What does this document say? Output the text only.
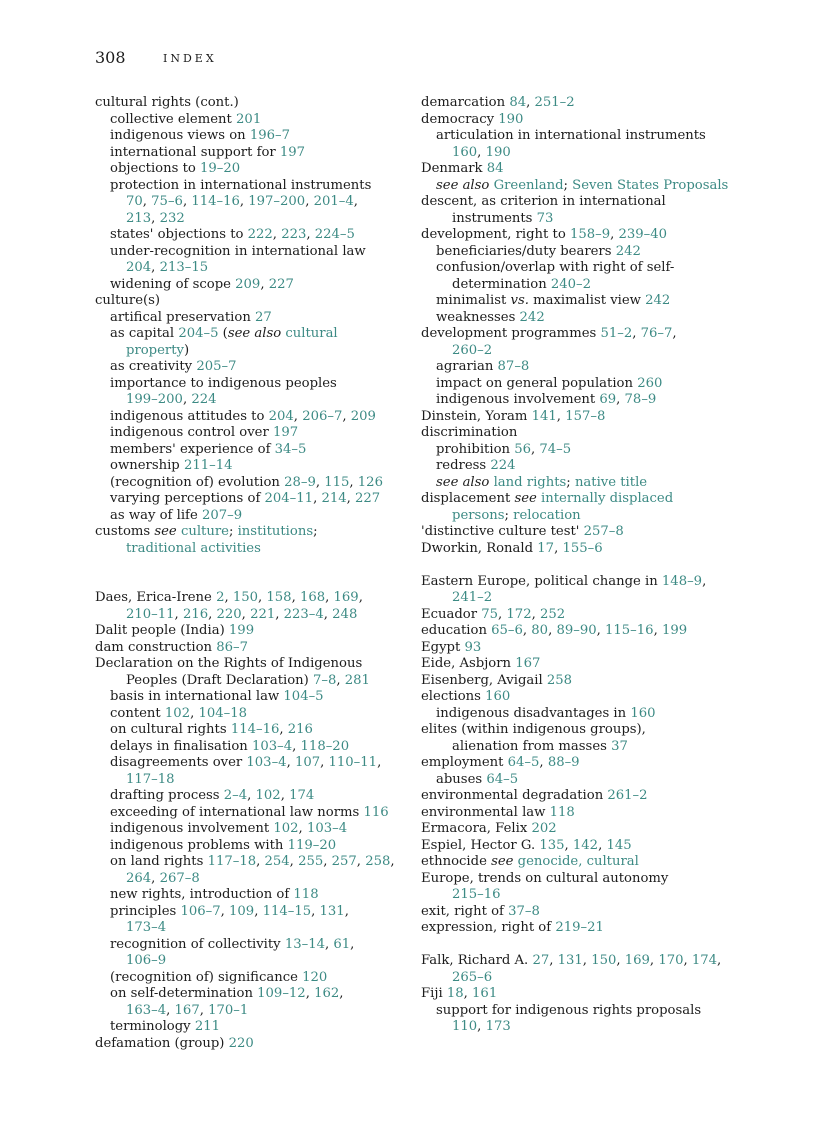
308	INDEX
cultural rights (cont.)
collective element 201
indigenous views on 196–7
international support for 197
objections to 19–20
protection in international instruments
70, 75–6, 114–16, 197–200, 201–4,
213, 232
states' objections to 222, 223, 224–5
under-recognition in international law
204, 213–15
widening of scope 209, 227
culture(s)
artifical preservation 27
as capital 204–5 (see also cultural
property)
as creativity 205–7
importance to indigenous peoples
199–200, 224
indigenous attitudes to 204, 206–7, 209
indigenous control over 197
members' experience of 34–5
ownership 211–14
(recognition of) evolution 28–9, 115, 126
varying perceptions of 204–11, 214, 227
as way of life 207–9
customs see culture; institutions;
traditional activities
Daes, Erica-Irene 2, 150, 158, 168, 169,
210–11, 216, 220, 221, 223–4, 248
Dalit people (India) 199
dam construction 86–7
Declaration on the Rights of Indigenous
Peoples (Draft Declaration) 7–8, 281
basis in international law 104–5
content 102, 104–18
on cultural rights 114–16, 216
delays in finalisation 103–4, 118–20
disagreements over 103–4, 107, 110–11,
117–18
drafting process 2–4, 102, 174
exceeding of international law norms 116
indigenous involvement 102, 103–4
indigenous problems with 119–20
on land rights 117–18, 254, 255, 257, 258,
264, 267–8
new rights, introduction of 118
principles 106–7, 109, 114–15, 131,
173–4
recognition of collectivity 13–14, 61,
106–9
(recognition of) significance 120
on self-determination 109–12, 162,
163–4, 167, 170–1
terminology 211
defamation (group) 220
demarcation 84, 251–2
democracy 190
articulation in international instruments
160, 190
Denmark 84
see also Greenland; Seven States Proposals
descent, as criterion in international
instruments 73
development, right to 158–9, 239–40
beneficiaries/duty bearers 242
confusion/overlap with right of self-
determination 240–2
minimalist vs. maximalist view 242
weaknesses 242
development programmes 51–2, 76–7,
260–2
agrarian 87–8
impact on general population 260
indigenous involvement 69, 78–9
Dinstein, Yoram 141, 157–8
discrimination
prohibition 56, 74–5
redress 224
see also land rights; native title
displacement see internally displaced
persons; relocation
'distinctive culture test' 257–8
Dworkin, Ronald 17, 155–6
Eastern Europe, political change in 148–9,
241–2
Ecuador 75, 172, 252
education 65–6, 80, 89–90, 115–16, 199
Egypt 93
Eide, Asbjorn 167
Eisenberg, Avigail 258
elections 160
indigenous disadvantages in 160
elites (within indigenous groups),
alienation from masses 37
employment 64–5, 88–9
abuses 64–5
environmental degradation 261–2
environmental law 118
Ermacora, Felix 202
Espiel, Hector G. 135, 142, 145
ethnocide see genocide, cultural
Europe, trends on cultural autonomy
215–16
exit, right of 37–8
expression, right of 219–21
Falk, Richard A. 27, 131, 150, 169, 170, 174,
265–6
Fiji 18, 161
support for indigenous rights proposals
110, 173
